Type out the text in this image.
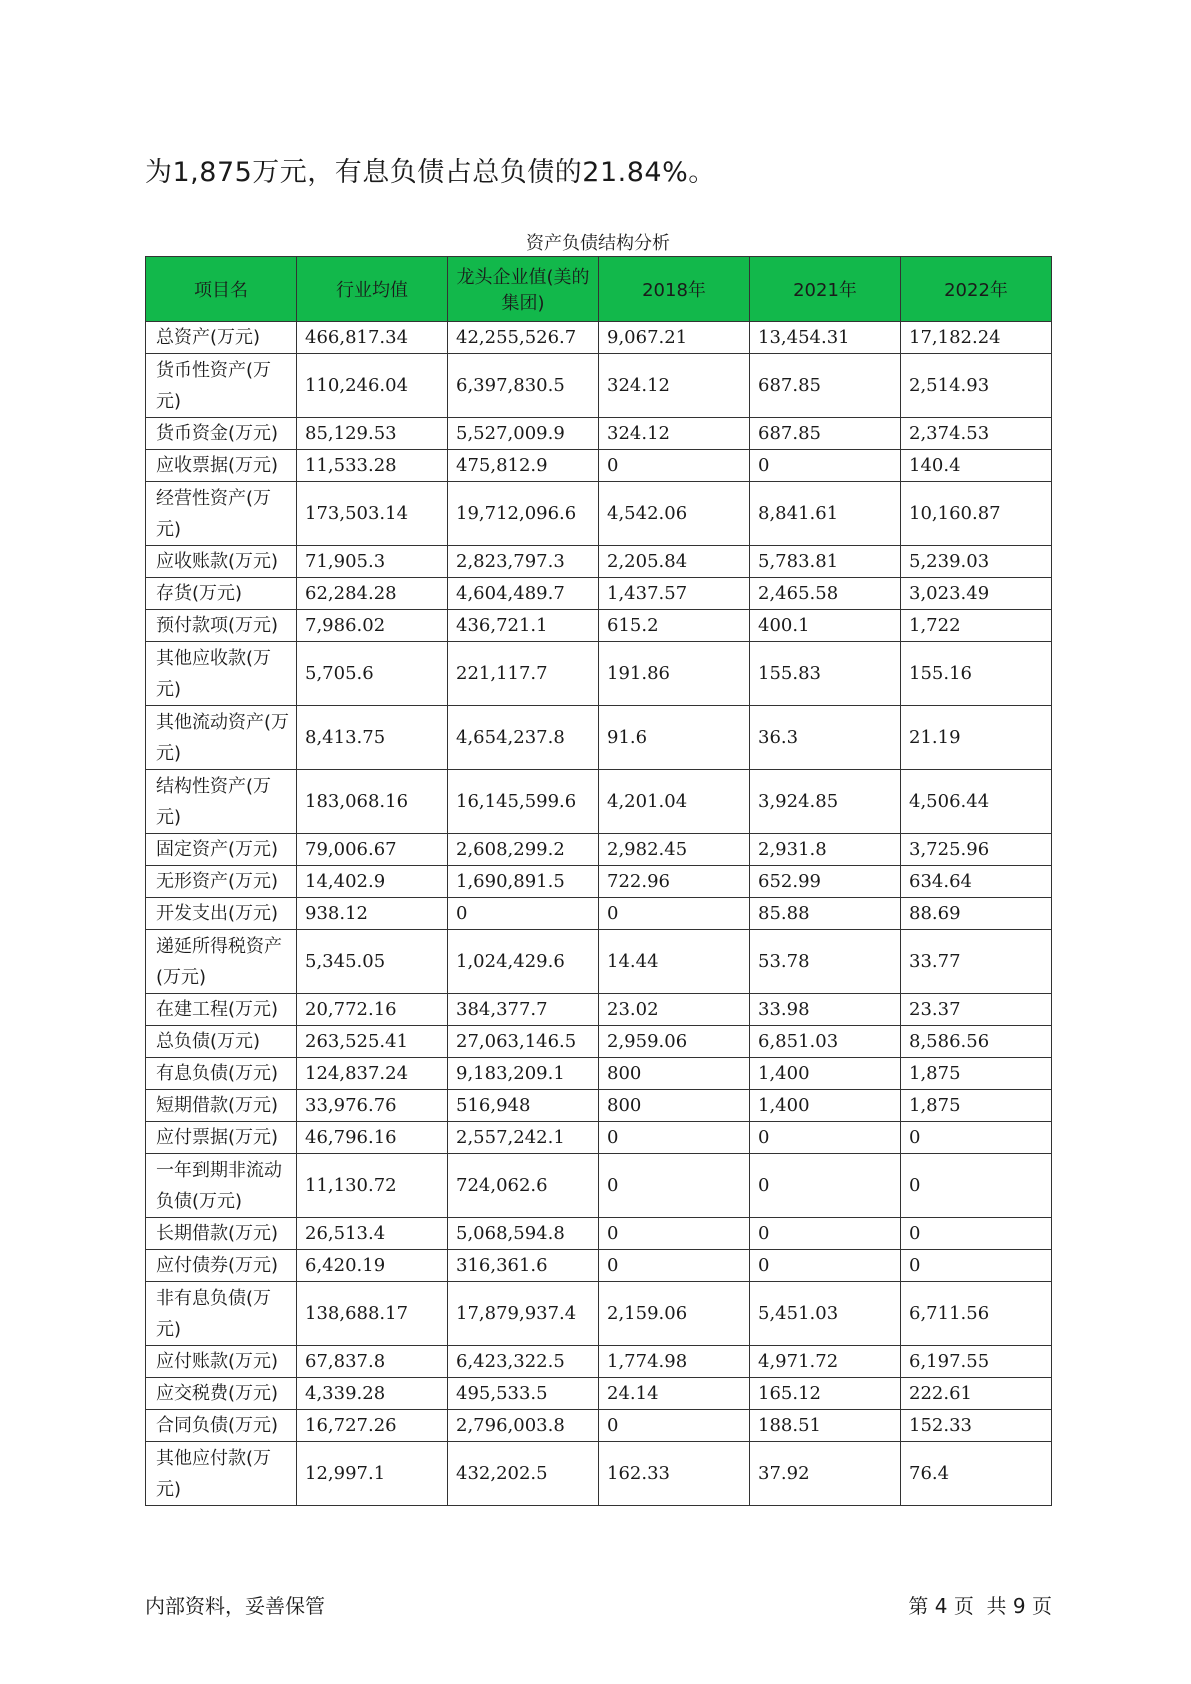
为1,875万元，有息负债占总负债的21.84%。
资产负债结构分析
项目名	行业均值	龙头企业值(美的集团)	2018年	2021年	2022年
总资产(万元)	466,817.34	42,255,526.7	9,067.21	13,454.31	17,182.24
货币性资产(万元)	110,246.04	6,397,830.5	324.12	687.85	2,514.93
货币资金(万元)	85,129.53	5,527,009.9	324.12	687.85	2,374.53
应收票据(万元)	11,533.28	475,812.9	0	0	140.4
经营性资产(万元)	173,503.14	19,712,096.6	4,542.06	8,841.61	10,160.87
应收账款(万元)	71,905.3	2,823,797.3	2,205.84	5,783.81	5,239.03
存货(万元)	62,284.28	4,604,489.7	1,437.57	2,465.58	3,023.49
预付款项(万元)	7,986.02	436,721.1	615.2	400.1	1,722
其他应收款(万元)	5,705.6	221,117.7	191.86	155.83	155.16
其他流动资产(万元)	8,413.75	4,654,237.8	91.6	36.3	21.19
结构性资产(万元)	183,068.16	16,145,599.6	4,201.04	3,924.85	4,506.44
固定资产(万元)	79,006.67	2,608,299.2	2,982.45	2,931.8	3,725.96
无形资产(万元)	14,402.9	1,690,891.5	722.96	652.99	634.64
开发支出(万元)	938.12	0	0	85.88	88.69
递延所得税资产(万元)	5,345.05	1,024,429.6	14.44	53.78	33.77
在建工程(万元)	20,772.16	384,377.7	23.02	33.98	23.37
总负债(万元)	263,525.41	27,063,146.5	2,959.06	6,851.03	8,586.56
有息负债(万元)	124,837.24	9,183,209.1	800	1,400	1,875
短期借款(万元)	33,976.76	516,948	800	1,400	1,875
应付票据(万元)	46,796.16	2,557,242.1	0	0	0
一年到期非流动负债(万元)	11,130.72	724,062.6	0	0	0
长期借款(万元)	26,513.4	5,068,594.8	0	0	0
应付债券(万元)	6,420.19	316,361.6	0	0	0
非有息负债(万元)	138,688.17	17,879,937.4	2,159.06	5,451.03	6,711.56
应付账款(万元)	67,837.8	6,423,322.5	1,774.98	4,971.72	6,197.55
应交税费(万元)	4,339.28	495,533.5	24.14	165.12	222.61
合同负债(万元)	16,727.26	2,796,003.8	0	188.51	152.33
其他应付款(万元)	12,997.1	432,202.5	162.33	37.92	76.4
内部资料，妥善保管	第 4 页  共 9 页
